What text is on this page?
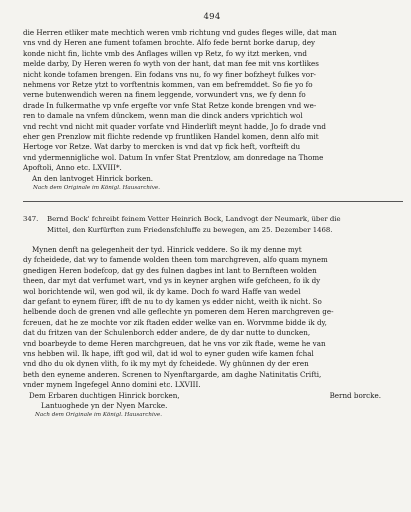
494
die Herren etliker mate mechtich weren vmb richtung vnd gudes fleges wille, dat man
vns vnd dy Heren ane fument tofamen brochte. Alfo fede bernt borke darup, dey
konde nicht fin, lichte vmb des Anflages willen vp Retz, fo wy itzt merken, vnd
melde darby, Dy Heren weren fo wyth von der hant, dat man fee mit vns kortlikes
nicht konde tofamen brengen. Ein fodans vns nu, fo wy finer bofzheyt fulkes vor-
nehmens vor Retze ytzt to vorftentnis kommen, van em befremddet. So fie yo fo
verne butenwendich weren na finem leggende, vorwundert vns, we fy denn fo
drade In fulkermathe vp vnfe ergefte vor vnfe Stat Retze konde brengen vnd we-
ren to damale na vnfem dünckem, wenn man die dinck anders vprichtich wol
vnd recht vnd nicht mit quader vorfate vnd Hinderlift meynt hadde, Jo fo drade vnd
eher gen Prenzlow mit flichte redende vp fruntliken Handel komen, denn alfo mit
Hertoge vor Retze. Wat darby to mercken is vnd dat vp fick heft, vorfteift du
vnd ydermennigliche wol. Datum In vnfer Stat Prentzlow, am donredage na Thome
Apoftoli, Anno etc. LXVIII*.
An den lantvoget Hinrick borken.
Nach dem Originale im Königl. Hausarchive.
347. Bernd Bock' fchreibt feinem Vetter Heinrich Bock, Landvogt der Neumark, über die
Mittel, den Kurfürften zum Friedensfchluffe zu bewegen, am 25. Dezember 1468.
Mynen denft na gelegenheit der tyd. Hinrick veddere. So ik my denne myt
dy fcheidede, dat wy to famende wolden theen tom marchgreven, alfo quam mynem
gnedigen Heren bodefcop, dat gy des fulnen dagbes int lant to Bernfteen wolden
theen, dar myt dat verfumet wart, vnd ys in keyner arghen wife gefcheen, fo ik dy
wol borichtende wil, wen god wil, ik dy kame. Doch fo ward Haffe van wedel
dar gefant to eynem fürer, ifft de nu to dy kamen ys edder nicht, weith ik nicht. So
helbende doch de grenen vnd alle geflechte yn pomeren dem Heren marchgreven ge-
fcreuen, dat he ze mochte vor zik ftaden edder welke van en. Worvmme bidde ik dy,
dat du fritzen van der Schulenborch edder andere, de dy dar nutte to duncken,
vnd boarbeyde to deme Heren marchgreuen, dat he vns vor zik ftade, weme he van
vns hebben wil. Ik hape, ifft god wil, dat id wol to eyner guden wife kamen fchal
vnd dho du ok dynen vlith, fo ik my myt dy fcheidede. Wy ghünnen dy der eren
beth den eyneme anderen. Screnen to Nyenftargarde, am daghe Natinitatis Crifti,
vnder mynem Ingefegel Anno domini etc. LXVIII.
Dem Erbaren duchtigen Hinrick borcken,	Bernd borcke.
Lantuoghede yn der Nyen Marcke.
Nach dem Originale im Königl. Hausarchive.
